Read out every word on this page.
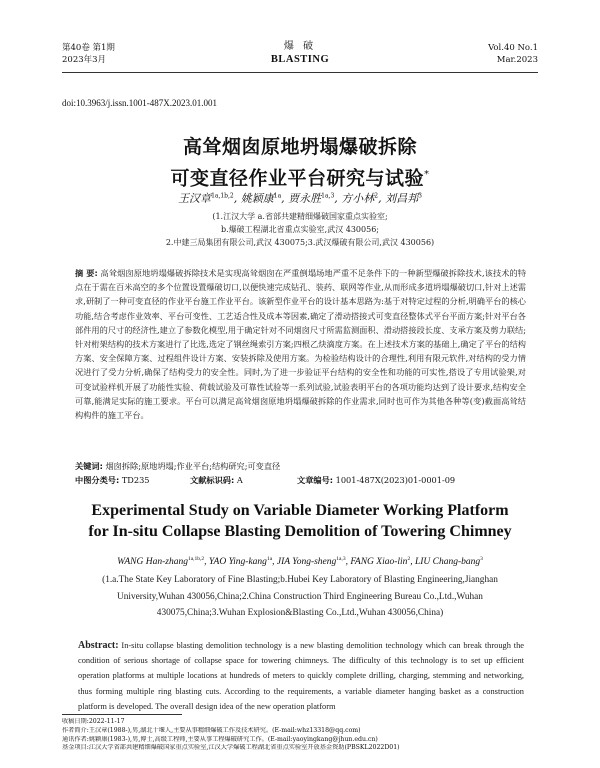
第40卷 第1期
2023年3月
爆 破
BLASTING
Vol.40 No.1
Mar.2023
doi:10.3963/j.issn.1001-487X.2023.01.001
高耸烟囱原地坍塌爆破拆除
可变直径作业平台研究与试验*
王汉章$^{1a,1b,2}$, 姚颖康$^{1a}$, 贾永胜$^{1a,3}$, 方小林$^2$, 刘昌邦$^3$
(1.江汉大学 a.省部共建精细爆破国家重点实验室;
b.爆破工程湖北省重点实验室,武汉 430056;
2.中建三局集团有限公司,武汉 430075;3.武汉爆破有限公司,武汉 430056)
摘 要: 高耸烟囱原地坍塌爆破拆除技术是实现高耸烟囱在严重倒塌场地严重不足条件下的一种新型爆破拆除技术,该技术的特点在于需在百米高空的多个位置设置爆破切口,以便快速完成钻孔、装药、联网等作业,从而形成多道坍塌爆破切口,针对上述需求,研制了一种可变直径的作业平台施工作业平台。该新型作业平台的设计基本思路为:基于对特定过程的分析,明确平台的核心功能,结合考虑作业效率、平台可变性、工艺适合性及成本等因素,确定了滑动搭接式可变直径整体式平台平面方案;针对平台各部件用的尺寸的经济性,建立了参数化模型,用于确定针对不同烟囱尺寸所需监测面积、滑动搭接段长度、支承方案及剪力联结;针对桁架结构的技术方案进行了比选,选定了钢丝绳索引方案;四根乙炔滴度方案。在上述技术方案的基础上,确定了平台的结构方案、安全保障方案、过程组件设计方案、安装拆除及使用方案。为检验结构设计的合理性,利用有限元软件,对结构的受力情况进行了受力分析,确保了结构受力的安全性。同时,为了进一步验证平台结构的安全性和功能的可实性,搭设了专用试验架,对可变试验样机开展了功能性实验、荷载试验及可靠性试验等一系列试验,试验表明平台的各项功能均达到了设计要求,结构安全可靠,能满足实际的施工要求。平台可以满足高耸烟囱原地坍塌爆破拆除的作业需求,同时也可作为其他各种等(变)截面高耸结构构件的施工平台。
关键词: 烟囱拆除;原地坍塌;作业平台;结构研究;可变直径
中图分类号: TD235	文献标识码: A	文章编号: 1001-487X(2023)01-0001-09
Experimental Study on Variable Diameter Working Platform
for In-situ Collapse Blasting Demolition of Towering Chimney
WANG Han-zhang$^{1a,1b,2}$, YAO Ying-kang$^{1a}$, JIA Yong-sheng$^{1a,3}$, FANG Xiao-lin$^2$, LIU Chang-bang$^3$
(1.a.The State Key Laboratory of Fine Blasting;b.Hubei Key Laboratory of Blasting Engineering,Jianghan University,Wuhan 430056,China;2.China Construction Third Engineering Bureau Co.,Ltd.,Wuhan 430075,China;3.Wuhan Explosion&Blasting Co.,Ltd.,Wuhan 430056,China)
Abstract: In-situ collapse blasting demolition technology is a new blasting demolition technology which can break through the condition of serious shortage of collapse space for towering chimneys. The difficulty of this technology is to set up efficient operation platforms at multiple locations at hundreds of meters to quickly complete drilling, charging, stemming and networking, thus forming multiple ring blasting cuts. According to the requirements, a variable diameter hanging basket as a construction platform is developed. The overall design idea of the new operation platform
收稿日期:2022-11-17
作者简介:王汉章(1988-),男,湖北十堰人,主要从事精细爆破工作及技术研究。(E-mail:whz13318@qq.com)
通讯作者:姚颖康(1983-),男,博士,高级工程师,主要从事工程爆破研究工作。(E-mail:yaoyingkang@jhun.edu.cn)
基金项目:江汉大学省部共建精细爆破国家重点实验室,江汉大学爆破工程湖北省重点实验室开放基金资助(PBSKL2022D01)
